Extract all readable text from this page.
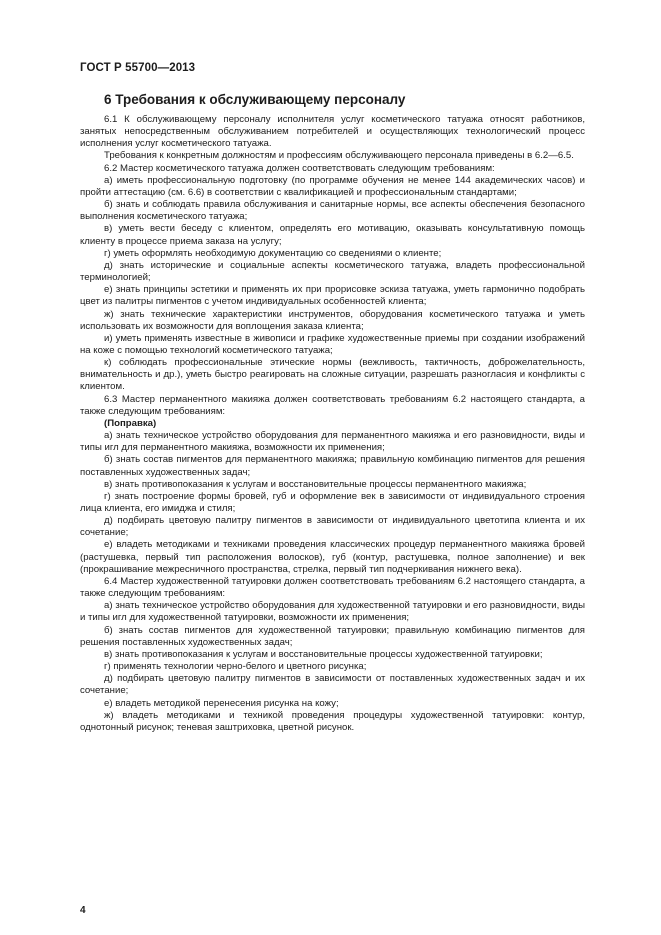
ГОСТ Р 55700—2013
6 Требования к обслуживающему персоналу

6.1 К обслуживающему персоналу исполнителя услуг косметического татуажа относят работников, занятых непосредственным обслуживанием потребителей и осуществляющих технологический процесс исполнения услуг косметического татуажа.

Требования к конкретным должностям и профессиям обслуживающего персонала приведены в 6.2—6.5.

6.2 Мастер косметического татуажа должен соответствовать следующим требованиям:

а) иметь профессиональную подготовку (по программе обучения не менее 144 академических часов) и пройти аттестацию (см. 6.6) в соответствии с квалификацией и профессиональным стандартами;

б) знать и соблюдать правила обслуживания и санитарные нормы, все аспекты обеспечения безопасного выполнения косметического татуажа;

в) уметь вести беседу с клиентом, определять его мотивацию, оказывать консультативную помощь клиенту в процессе приема заказа на услугу;

г) уметь оформлять необходимую документацию со сведениями о клиенте;

д) знать исторические и социальные аспекты косметического татуажа, владеть профессиональной терминологией;

е) знать принципы эстетики и применять их при прорисовке эскиза татуажа, уметь гармонично подобрать цвет из палитры пигментов с учетом индивидуальных особенностей клиента;

ж) знать технические характеристики инструментов, оборудования косметического татуажа и уметь использовать их возможности для воплощения заказа клиента;

и) уметь применять известные в живописи и графике художественные приемы при создании изображений на коже с помощью технологий косметического татуажа;

к) соблюдать профессиональные этические нормы (вежливость, тактичность, доброжелательность, внимательность и др.), уметь быстро реагировать на сложные ситуации, разрешать разногласия и конфликты с клиентом.

6.3 Мастер перманентного макияжа должен соответствовать требованиям 6.2 настоящего стандарта, а также следующим требованиям:

(Поправка)

а) знать техническое устройство оборудования для перманентного макияжа и его разновидности, виды и типы игл для перманентного макияжа, возможности их применения;

б) знать состав пигментов для перманентного макияжа; правильную комбинацию пигментов для решения поставленных художественных задач;

в) знать противопоказания к услугам и восстановительные процессы перманентного макияжа;

г) знать построение формы бровей, губ и оформление век в зависимости от индивидуального строения лица клиента, его имиджа и стиля;

д) подбирать цветовую палитру пигментов в зависимости от индивидуального цветотипа клиента и их сочетание;

е) владеть методиками и техниками проведения классических процедур перманентного макияжа бровей (растушевка, первый тип расположения волосков), губ (контур, растушевка, полное заполнение) и век (прокрашивание межресничного пространства, стрелка, первый тип подчеркивания нижнего века).

6.4 Мастер художественной татуировки должен соответствовать требованиям 6.2 настоящего стандарта, а также следующим требованиям:

а) знать техническое устройство оборудования для художественной татуировки и его разновидности, виды и типы игл для художественной татуировки, возможности их применения;

б) знать состав пигментов для художественной татуировки; правильную комбинацию пигментов для решения поставленных художественных задач;

в) знать противопоказания к услугам и восстановительные процессы художественной татуировки;

г) применять технологии черно-белого и цветного рисунка;

д) подбирать цветовую палитру пигментов в зависимости от поставленных художественных задач и их сочетание;

е) владеть методикой перенесения рисунка на кожу;

ж) владеть методиками и техникой проведения процедуры художественной татуировки: контур, однотонный рисунок; теневая заштриховка, цветной рисунок.

4
